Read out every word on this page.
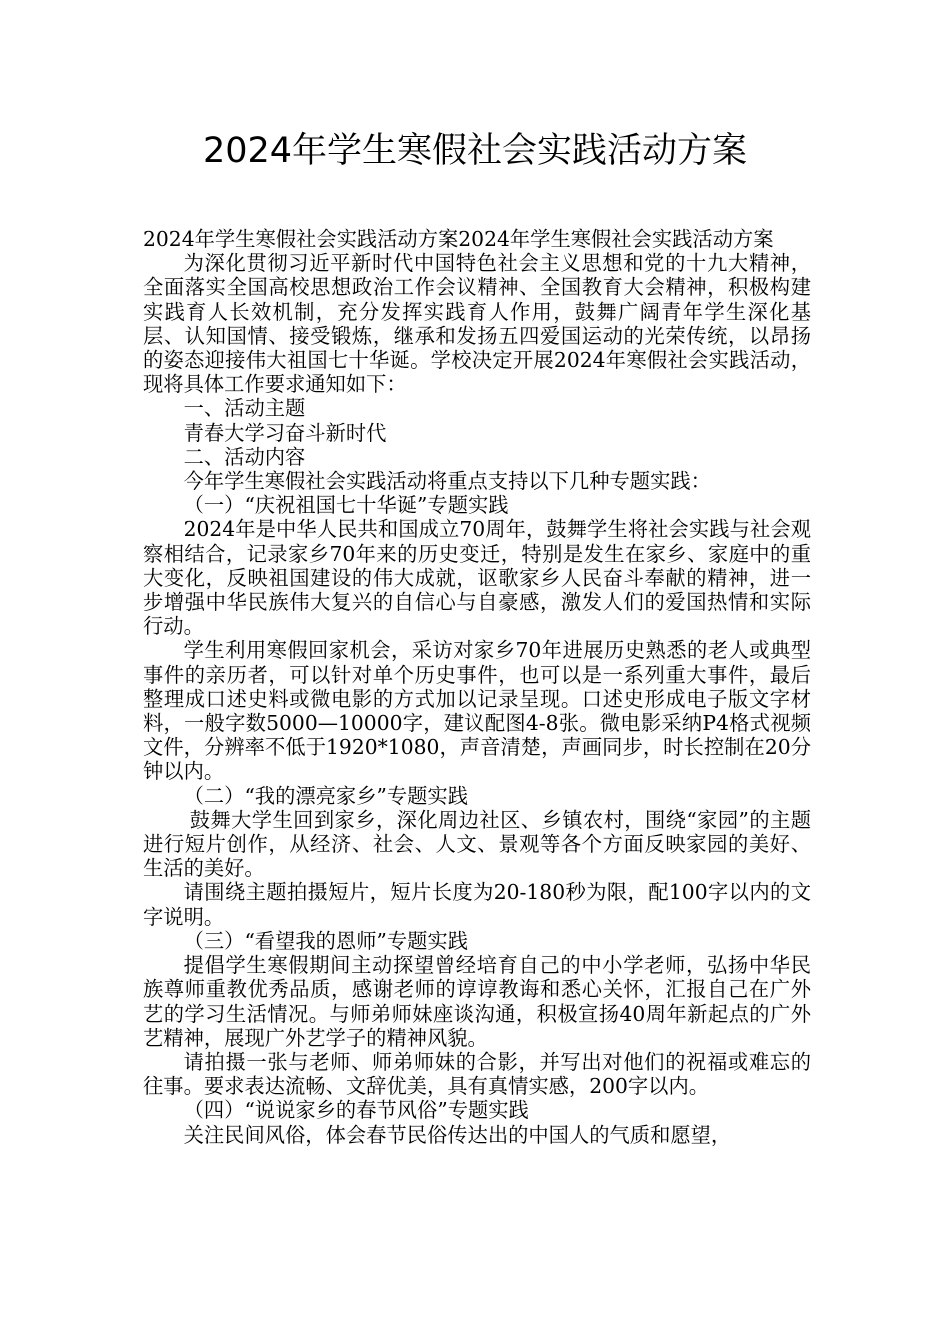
2024年学生寒假社会实践活动方案

2024年学生寒假社会实践活动方案2024年学生寒假社会实践活动方案

为深化贯彻习近平新时代中国特色社会主义思想和党的十九大精神，全面落实全国高校思想政治工作会议精神、全国教育大会精神，积极构建实践育人长效机制，充分发挥实践育人作用，鼓舞广阔青年学生深化基层、认知国情、接受锻炼，继承和发扬五四爱国运动的光荣传统，以昂扬的姿态迎接伟大祖国七十华诞。学校决定开展2024年寒假社会实践活动，现将具体工作要求通知如下：

一、活动主题

青春大学习奋斗新时代

二、活动内容

今年学生寒假社会实践活动将重点支持以下几种专题实践：

（一）“庆祝祖国七十华诞”专题实践

2024年是中华人民共和国成立70周年，鼓舞学生将社会实践与社会观察相结合，记录家乡70年来的历史变迁，特别是发生在家乡、家庭中的重大变化，反映祖国建设的伟大成就，讴歌家乡人民奋斗奉献的精神，进一步增强中华民族伟大复兴的自信心与自豪感，激发人们的爱国热情和实际行动。

学生利用寒假回家机会，采访对家乡70年进展历史熟悉的老人或典型事件的亲历者，可以针对单个历史事件，也可以是一系列重大事件，最后整理成口述史料或微电影的方式加以记录呈现。口述史形成电子版文字材料，一般字数5000—10000字，建议配图4-8张。微电影采纳P4格式视频文件，分辨率不低于1920*1080，声音清楚，声画同步，时长控制在20分钟以内。

（二）“我的漂亮家乡”专题实践

鼓舞大学生回到家乡，深化周边社区、乡镇农村，围绕“家园”的主题进行短片创作，从经济、社会、人文、景观等各个方面反映家园的美好、生活的美好。

请围绕主题拍摄短片，短片长度为20-180秒为限，配100字以内的文字说明。

（三）“看望我的恩师”专题实践

提倡学生寒假期间主动探望曾经培育自己的中小学老师，弘扬中华民族尊师重教优秀品质，感谢老师的谆谆教诲和悉心关怀，汇报自己在广外艺的学习生活情况。与师弟师妹座谈沟通，积极宣扬40周年新起点的广外艺精神，展现广外艺学子的精神风貌。

请拍摄一张与老师、师弟师妹的合影，并写出对他们的祝福或难忘的往事。要求表达流畅、文辞优美，具有真情实感，200字以内。

（四）“说说家乡的春节风俗”专题实践

关注民间风俗，体会春节民俗传达出的中国人的气质和愿望，
